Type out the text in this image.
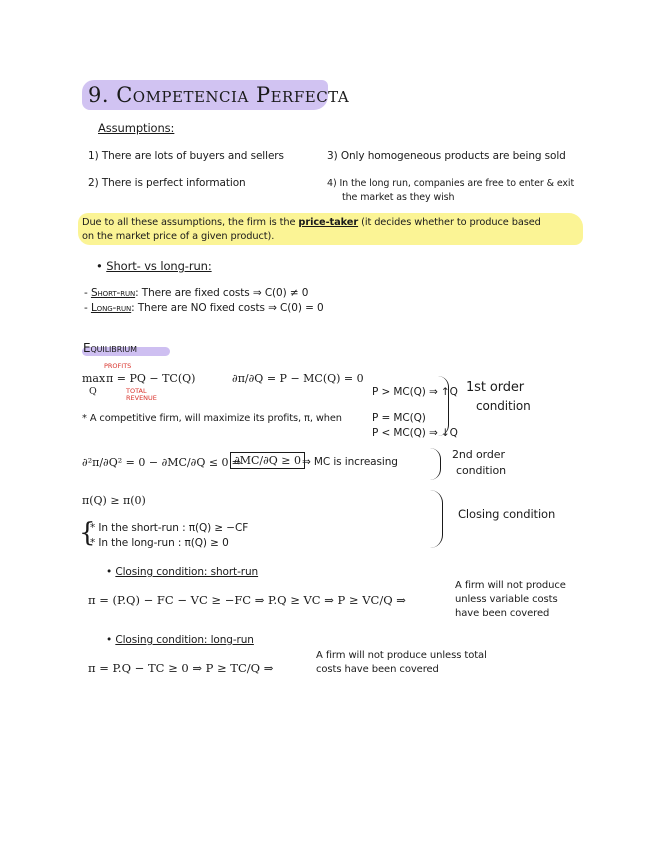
9. Competencia Perfecta
Assumptions:
1) There are lots of buyers and sellers
2) There is perfect information
3) Only homogeneous products are being sold
4) In the long run, companies are free to enter & exit
the market as they wish
Due to all these assumptions, the firm is the price-taker (it decides whether to produce based
on the market price of a given product).
• Short- vs long-run:
- Short-run: There are fixed costs ⇒ C(0) ≠ 0
- Long-run: There are NO fixed costs ⇒ C(0) = 0
Equilibrium
PROFITS
max
Q
π = PQ − TC(Q)
TOTAL REVENUE
∂π/∂Q = P − MC(Q) = 0
P > MC(Q) ⇒ ↑Q
P = MC(Q)
P < MC(Q) ⇒ ↓Q
1st order
condition
* A competitive firm, will maximize its profits, π, when
∂²π/∂Q² = 0 − ∂MC/∂Q ≤ 0 ⇒
∂MC/∂Q ≥ 0 ⇒ MC is increasing
2nd order
condition
π(Q) ≥ π(0)
{
* In the short-run : π(Q) ≥ −CF
* In the long-run : π(Q) ≥ 0
Closing condition
• Closing condition: short-run
π = (P.Q) − FC − VC ≥ −FC ⇒ P.Q ≥ VC ⇒ P ≥ VC/Q ⇒
A firm will not produce
unless variable costs
have been covered
• Closing condition: long-run
π = P.Q − TC ≥ 0 ⇒ P ≥ TC/Q ⇒
A firm will not produce unless total
costs have been covered
